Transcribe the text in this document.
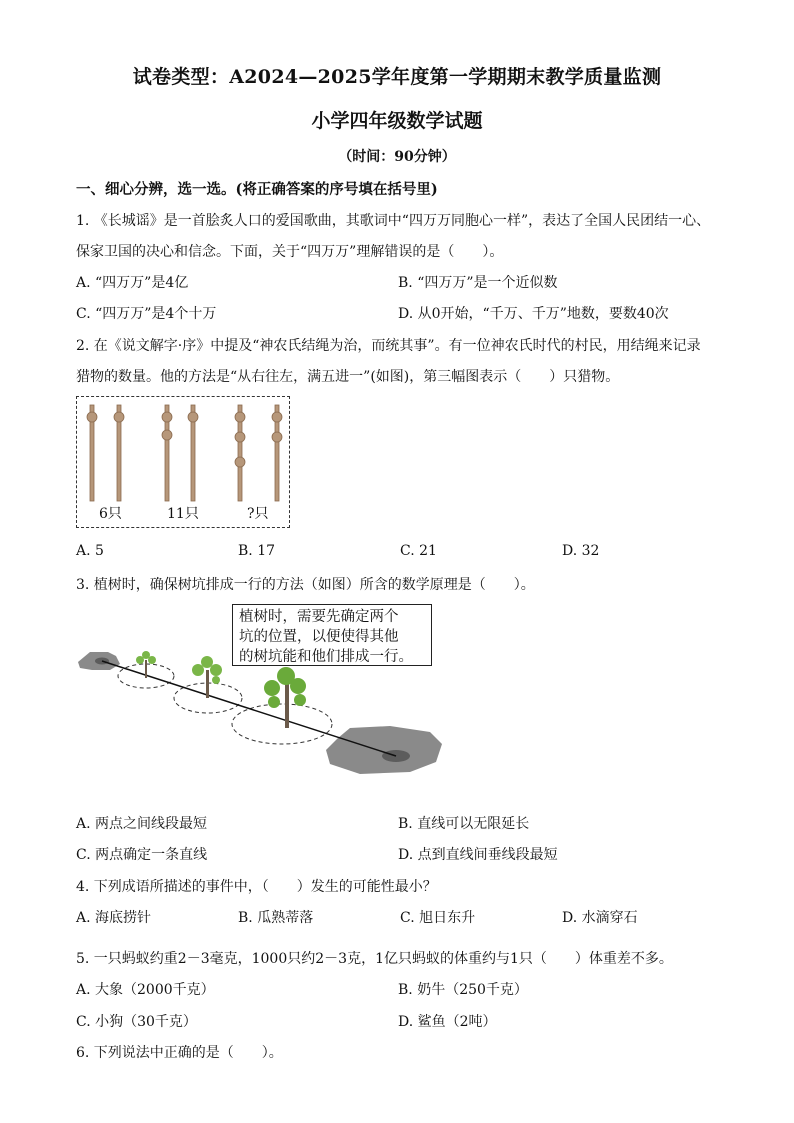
试卷类型：A2024—2025学年度第一学期期末教学质量监测
小学四年级数学试题
（时间：90分钟）
一、细心分辨，选一选。(将正确答案的序号填在括号里)
1. 《长城谣》是一首脍炙人口的爱国歌曲，其歌词中“四万万同胞心一样”，表达了全国人民团结一心、
保家卫国的决心和信念。下面，关于“四万万”理解错误的是（　　）。
A. “四万万”是4亿	B. “四万万”是一个近似数
C. “四万万”是4个十万	D. 从0开始，“千万、千万”地数，要数40次
2. 在《说文解字·序》中提及“神农氏结绳为治，而统其事”。有一位神农氏时代的村民，用结绳来记录
猎物的数量。他的方法是“从右往左，满五进一”(如图)，第三幅图表示（　　）只猎物。
6只	11只	?只
A. 5	B. 17	C. 21	D. 32
3. 植树时，确保树坑排成一行的方法（如图）所含的数学原理是（　　）。
植树时，需要先确定两个
坑的位置，以便使得其他
的树坑能和他们排成一行。
A. 两点之间线段最短	B. 直线可以无限延长
C. 两点确定一条直线	D. 点到直线间垂线段最短
4. 下列成语所描述的事件中，（　　）发生的可能性最小？
A. 海底捞针	B. 瓜熟蒂落	C. 旭日东升	D. 水滴穿石
5. 一只蚂蚁约重2－3毫克，1000只约2－3克，1亿只蚂蚁的体重约与1只（　　）体重差不多。
A. 大象（2000千克）	B. 奶牛（250千克）
C. 小狗（30千克）	D. 鲨鱼（2吨）
6. 下列说法中正确的是（　　）。
